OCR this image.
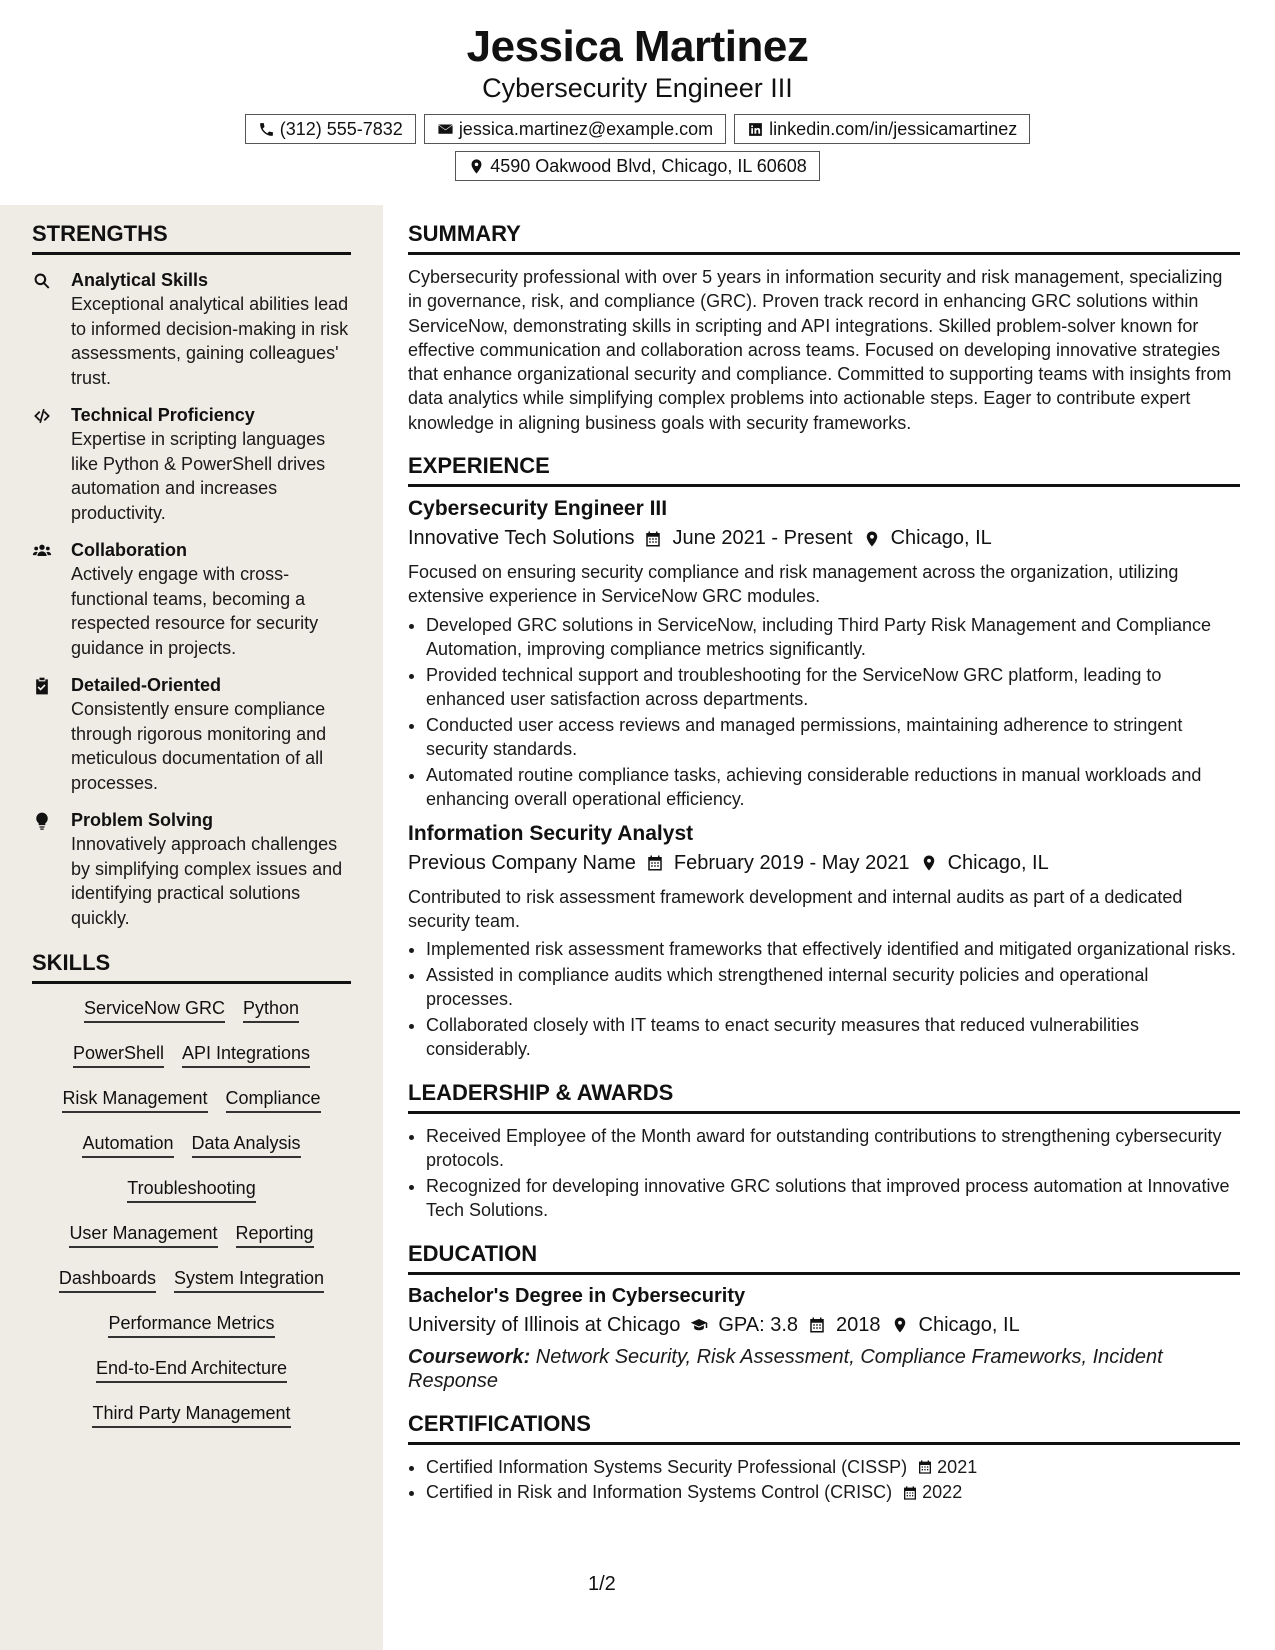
Jessica Martinez
Cybersecurity Engineer III
(312) 555-7832	jessica.martinez@example.com	linkedin.com/in/jessicamartinez
4590 Oakwood Blvd, Chicago, IL 60608
STRENGTHS
Analytical Skills
Exceptional analytical abilities lead to informed decision-making in risk assessments, gaining colleagues' trust.
Technical Proficiency
Expertise in scripting languages like Python & PowerShell drives automation and increases productivity.
Collaboration
Actively engage with cross-functional teams, becoming a respected resource for security guidance in projects.
Detailed-Oriented
Consistently ensure compliance through rigorous monitoring and meticulous documentation of all processes.
Problem Solving
Innovatively approach challenges by simplifying complex issues and identifying practical solutions quickly.
SKILLS
ServiceNow GRC Python
PowerShell API Integrations
Risk Management Compliance
Automation Data Analysis
Troubleshooting
User Management Reporting
Dashboards System Integration
Performance Metrics
End-to-End Architecture
Third Party Management
SUMMARY

Cybersecurity professional with over 5 years in information security and risk management, specializing in governance, risk, and compliance (GRC). Proven track record in enhancing GRC solutions within ServiceNow, demonstrating skills in scripting and API integrations. Skilled problem-solver known for effective communication and collaboration across teams. Focused on developing innovative strategies that enhance organizational security and compliance. Committed to supporting teams with insights from data analytics while simplifying complex problems into actionable steps. Eager to contribute expert knowledge in aligning business goals with security frameworks.

EXPERIENCE
Cybersecurity Engineer III
Innovative Tech Solutions June 2021 - Present Chicago, IL

Focused on ensuring security compliance and risk management across the organization, utilizing extensive experience in ServiceNow GRC modules.

• Developed GRC solutions in ServiceNow, including Third Party Risk Management and Compliance Automation, improving compliance metrics significantly.
• Provided technical support and troubleshooting for the ServiceNow GRC platform, leading to enhanced user satisfaction across departments.
• Conducted user access reviews and managed permissions, maintaining adherence to stringent security standards.
• Automated routine compliance tasks, achieving considerable reductions in manual workloads and enhancing overall operational efficiency.
Information Security Analyst
Previous Company Name February 2019 - May 2021 Chicago, IL

Contributed to risk assessment framework development and internal audits as part of a dedicated security team.

• Implemented risk assessment frameworks that effectively identified and mitigated organizational risks.
• Assisted in compliance audits which strengthened internal security policies and operational processes.
• Collaborated closely with IT teams to enact security measures that reduced vulnerabilities considerably.
LEADERSHIP & AWARDS
• Received Employee of the Month award for outstanding contributions to strengthening cybersecurity protocols.
• Recognized for developing innovative GRC solutions that improved process automation at Innovative Tech Solutions.
EDUCATION
Bachelor's Degree in Cybersecurity
University of Illinois at Chicago GPA: 3.8 2018 Chicago, IL
Coursework: Network Security, Risk Assessment, Compliance Frameworks, Incident Response
CERTIFICATIONS
• Certified Information Systems Security Professional (CISSP) 2021
• Certified in Risk and Information Systems Control (CRISC) 2022
1/2
